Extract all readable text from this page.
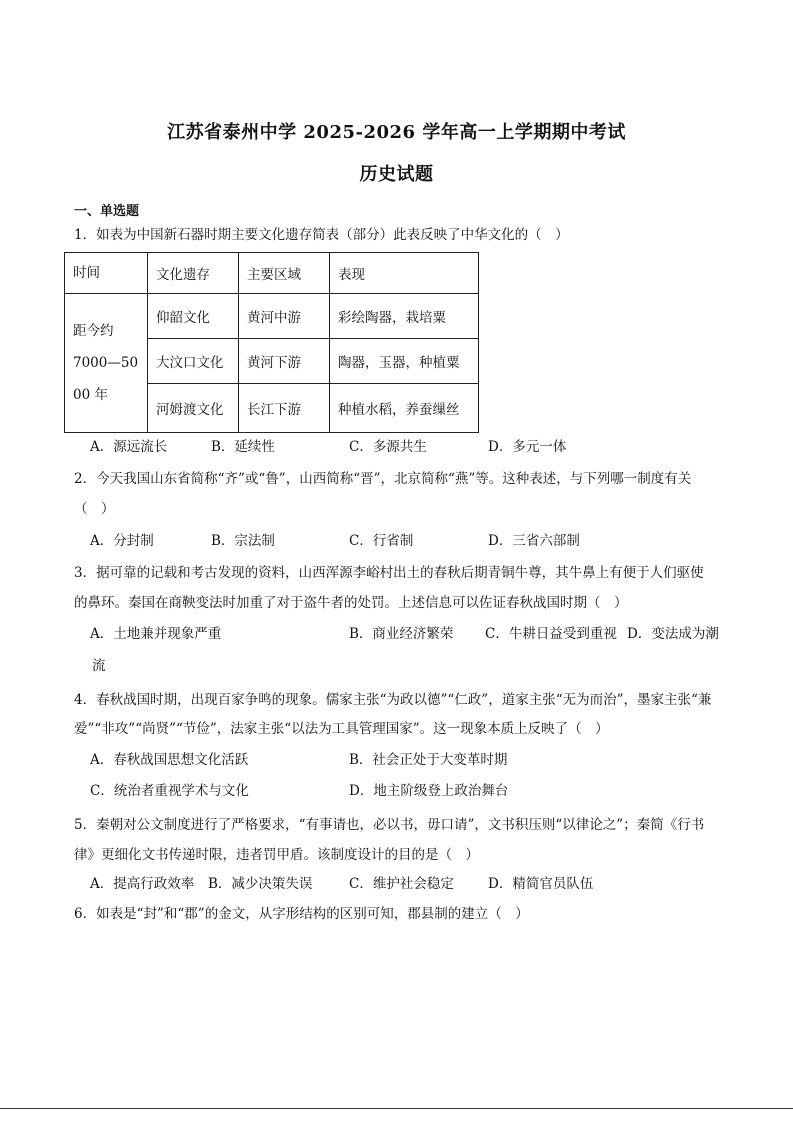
江苏省泰州中学 2025-2026 学年高一上学期期中考试
历史试题
一、单选题
1．如表为中国新石器时期主要文化遗存简表（部分）此表反映了中华文化的（　）
时间	文化遗存	主要区域	表现

距今约
7000—50
00 年	仰韶文化	黄河中游	彩绘陶器，栽培粟
	大汶口文化	黄河下游	陶器，玉器，种植粟
	河姆渡文化	长江下游	种植水稻，养蚕缫丝
A．源远流长	B．延续性	C．多源共生	D．多元一体
2．今天我国山东省简称“齐”或“鲁”，山西简称“晋”，北京简称“燕”等。这种表述，与下列哪一制度有关
（　）
A．分封制	B．宗法制	C．行省制	D．三省六部制
3．据可靠的记载和考古发现的资料，山西浑源李峪村出土的春秋后期青铜牛尊，其牛鼻上有便于人们驱使
的鼻环。秦国在商鞅变法时加重了对于盗牛者的处罚。上述信息可以佐证春秋战国时期（　）
A．土地兼并现象严重	B．商业经济繁荣 C．牛耕日益受到重视 D．变法成为潮
流
4．春秋战国时期，出现百家争鸣的现象。儒家主张“为政以德”“仁政”，道家主张“无为而治”，墨家主张“兼
爱”“非攻”“尚贤”“节俭”，法家主张“以法为工具管理国家”。这一现象本质上反映了（　）
A．春秋战国思想文化活跃	B．社会正处于大变革时期
C．统治者重视学术与文化	D．地主阶级登上政治舞台
5．秦朝对公文制度进行了严格要求，“有事请也，必以书，毋口请”，文书积压则“以律论之”；秦简《行书
律》更细化文书传递时限，违者罚甲盾。该制度设计的目的是（　）
A．提高行政效率 B．减少决策失误	C．维护社会稳定	D．精简官员队伍
6．如表是“封”和“郡”的金文，从字形结构的区别可知，郡县制的建立（　）
